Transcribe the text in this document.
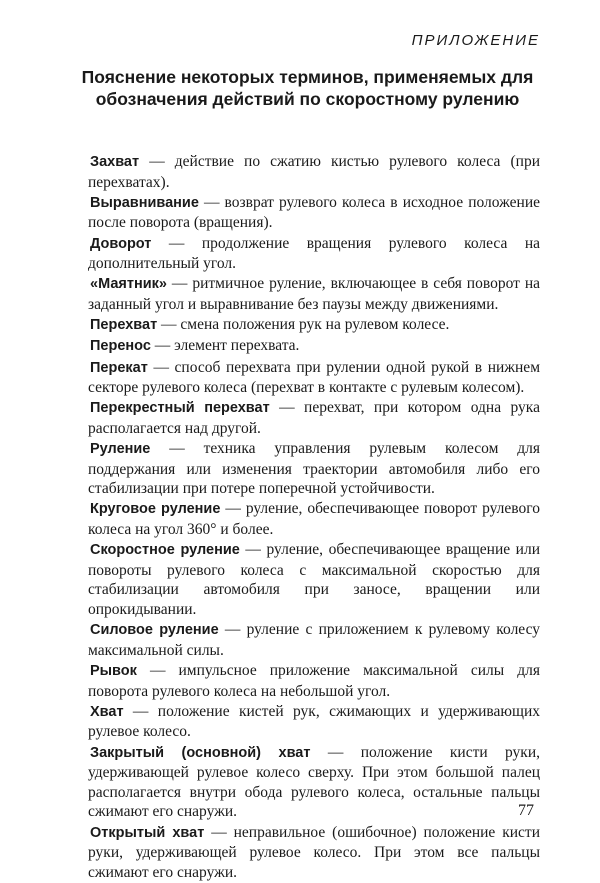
ПРИЛОЖЕНИЕ
Пояснение некоторых терминов, применяемых для обозначения действий по скоростному рулению

Захват — действие по сжатию кистью рулевого колеса (при перехватах).

Выравнивание — возврат рулевого колеса в исходное положение после поворота (вращения).

Доворот — продолжение вращения рулевого колеса на дополнительный угол.

«Маятник» — ритмичное руление, включающее в себя поворот на заданный угол и выравнивание без паузы между движениями.

Перехват — смена положения рук на рулевом колесе.

Перенос — элемент перехвата.

Перекат — способ перехвата при рулении одной рукой в нижнем секторе рулевого колеса (перехват в контакте с рулевым колесом).

Перекрестный перехват — перехват, при котором одна рука располагается над другой.

Руление — техника управления рулевым колесом для поддержания или изменения траектории автомобиля либо его стабилизации при потере поперечной устойчивости.

Круговое руление — руление, обеспечивающее поворот рулевого колеса на угол 360° и более.

Скоростное руление — руление, обеспечивающее вращение или повороты рулевого колеса с максимальной скоростью для стабилизации автомобиля при заносе, вращении или опрокидывании.

Силовое руление — руление с приложением к рулевому колесу максимальной силы.

Рывок — импульсное приложение максимальной силы для поворота рулевого колеса на небольшой угол.

Хват — положение кистей рук, сжимающих и удерживающих рулевое колесо.

Закрытый (основной) хват — положение кисти руки, удерживающей рулевое колесо сверху. При этом большой палец располагается внутри обода рулевого колеса, остальные пальцы сжимают его снаружи.

Открытый хват — неправильное (ошибочное) положение кисти руки, удерживающей рулевое колесо. При этом все пальцы сжимают его снаружи.

77
